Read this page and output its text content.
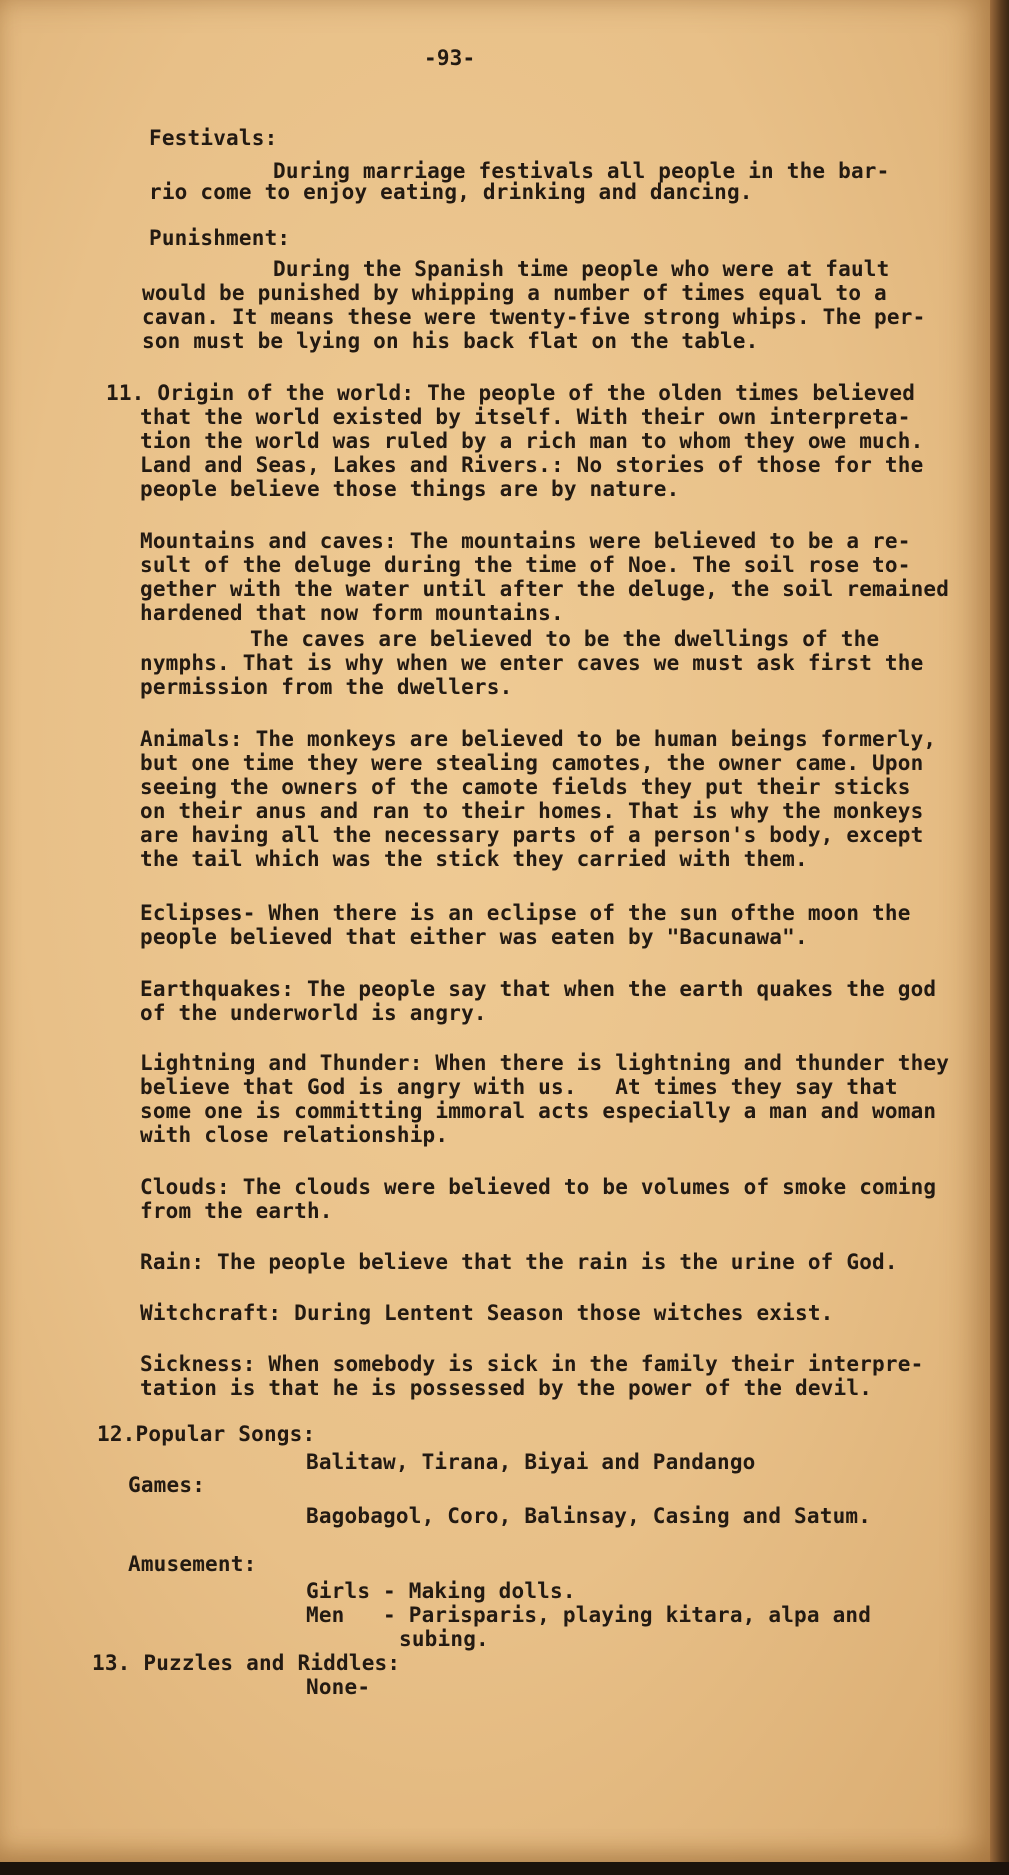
-93-
Festivals:
During marriage festivals all people in the bar-
rio come to enjoy eating, drinking and dancing.
Punishment:
During the Spanish time people who were at fault
would be punished by whipping a number of times equal to a
cavan. It means these were twenty-five strong whips. The per-
son must be lying on his back flat on the table.
11. Origin of the world: The people of the olden times believed
that the world existed by itself. With their own interpreta-
tion the world was ruled by a rich man to whom they owe much.
Land and Seas, Lakes and Rivers.: No stories of those for the
people believe those things are by nature.
Mountains and caves: The mountains were believed to be a re-
sult of the deluge during the time of Noe. The soil rose to-
gether with the water until after the deluge, the soil remained
hardened that now form mountains.
The caves are believed to be the dwellings of the
nymphs. That is why when we enter caves we must ask first the
permission from the dwellers.
Animals: The monkeys are believed to be human beings formerly,
but one time they were stealing camotes, the owner came. Upon
seeing the owners of the camote fields they put their sticks
on their anus and ran to their homes. That is why the monkeys
are having all the necessary parts of a person's body, except
the tail which was the stick they carried with them.
Eclipses- When there is an eclipse of the sun ofthe moon the
people believed that either was eaten by "Bacunawa".
Earthquakes: The people say that when the earth quakes the god
of the underworld is angry.
Lightning and Thunder: When there is lightning and thunder they
believe that God is angry with us.   At times they say that
some one is committing immoral acts especially a man and woman
with close relationship.
Clouds: The clouds were believed to be volumes of smoke coming
from the earth.
Rain: The people believe that the rain is the urine of God.
Witchcraft: During Lentent Season those witches exist.
Sickness: When somebody is sick in the family their interpre-
tation is that he is possessed by the power of the devil.
12.Popular Songs:
Balitaw, Tirana, Biyai and Pandango
Games:
Bagobagol, Coro, Balinsay, Casing and Satum.
Amusement:
Girls - Making dolls.
Men   - Parisparis, playing kitara, alpa and
subing.
13. Puzzles and Riddles:
None-
